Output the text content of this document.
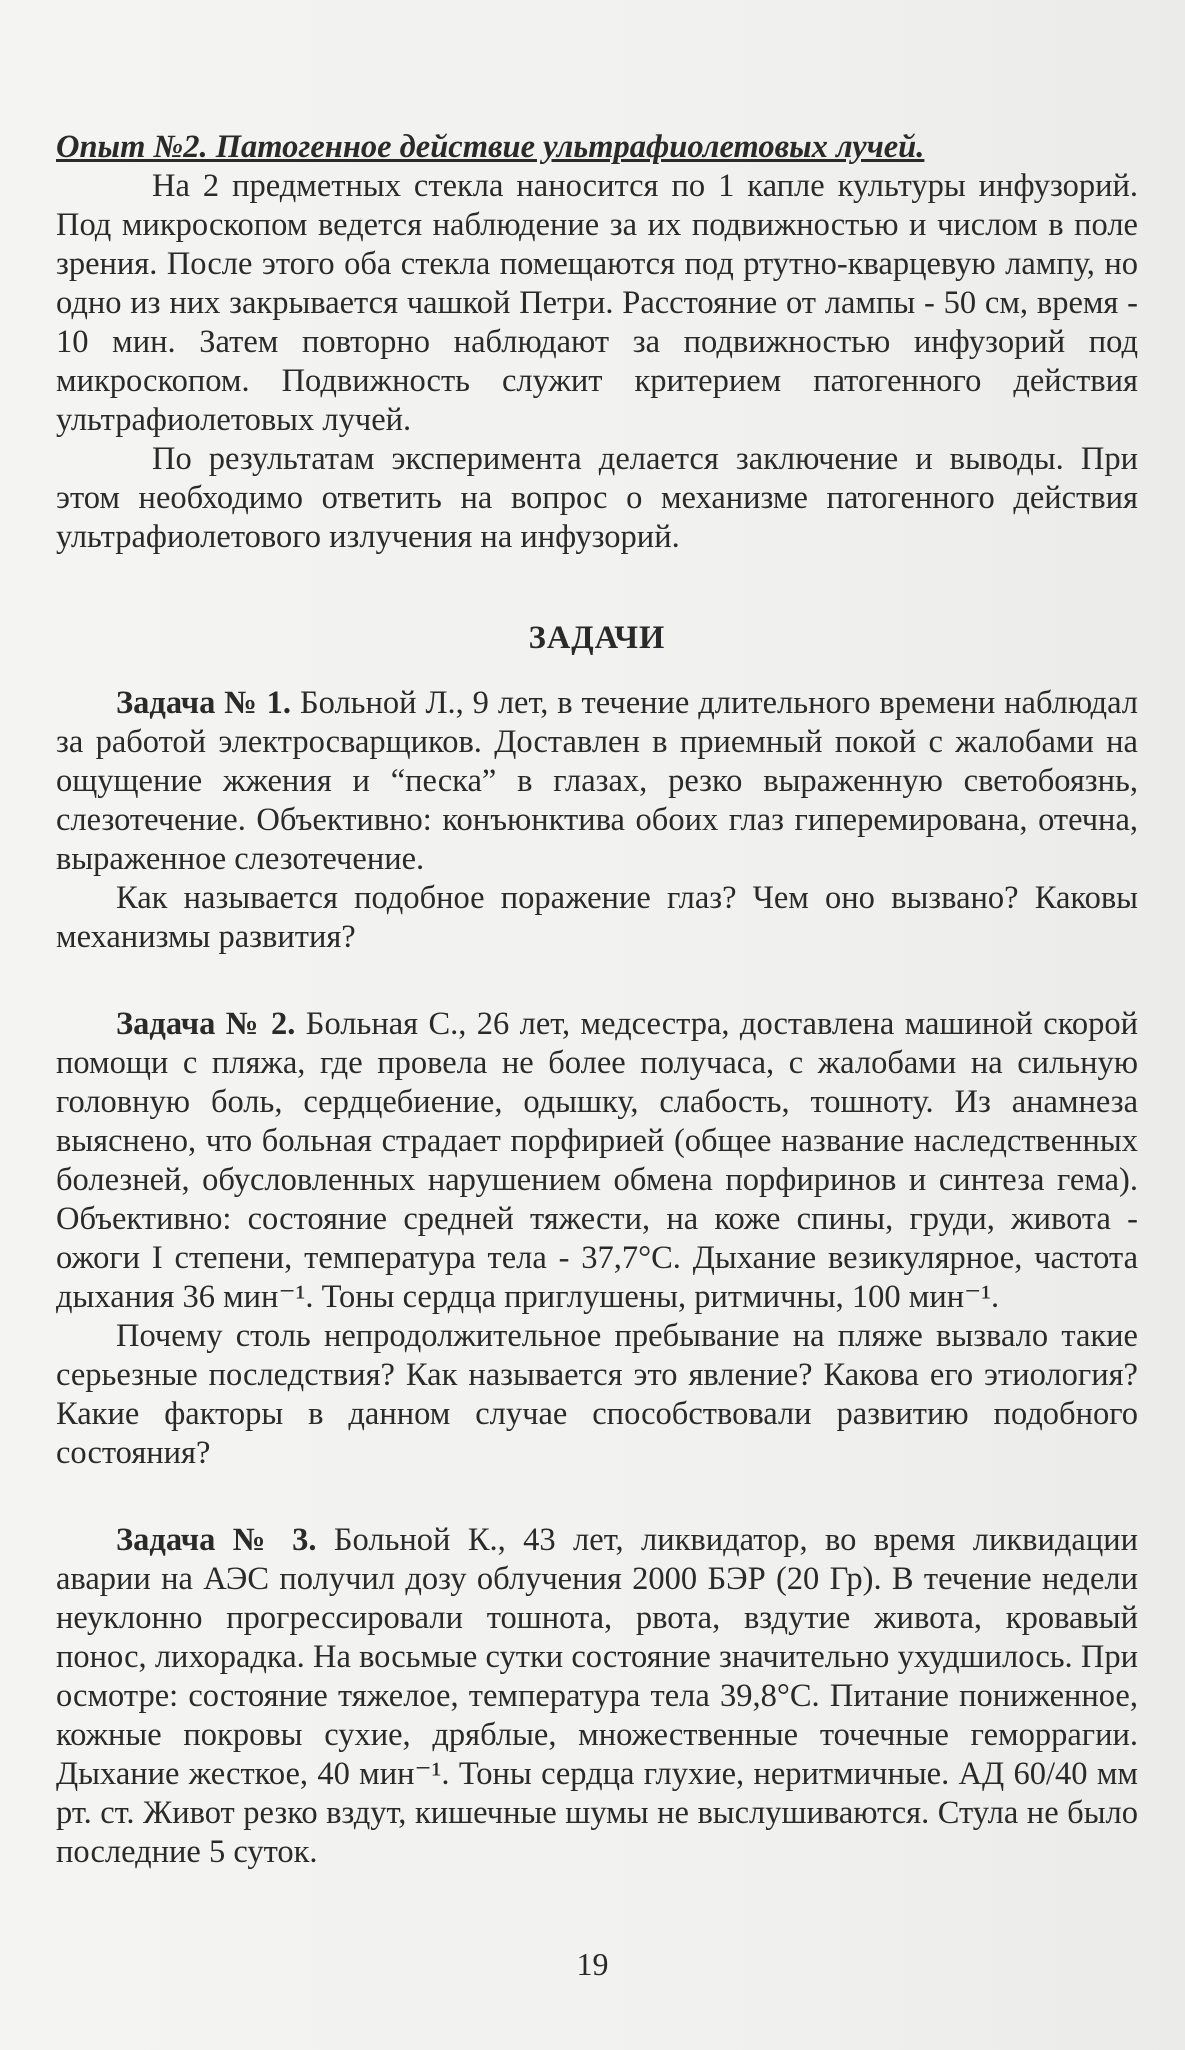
Опыт №2. Патогенное действие ультрафиолетовых лучей.

На 2 предметных стекла наносится по 1 капле культуры инфузорий. Под микроскопом ведется наблюдение за их подвижностью и числом в поле зрения. После этого оба стекла помещаются под ртутно-кварцевую лампу, но одно из них закрывается чашкой Петри. Расстояние от лампы - 50 см, время - 10 мин. Затем повторно наблюдают за подвижностью инфузорий под микроскопом. Подвижность служит критерием патогенного действия ультрафиолетовых лучей.

По результатам эксперимента делается заключение и выводы. При этом необходимо ответить на вопрос о механизме патогенного действия ультрафиолетового излучения на инфузорий.

ЗАДАЧИ

Задача № 1. Больной Л., 9 лет, в течение длительного времени наблюдал за работой электросварщиков. Доставлен в приемный покой с жалобами на ощущение жжения и “песка” в глазах, резко выраженную светобоязнь, слезотечение. Объективно: конъюнктива обоих глаз гиперемирована, отечна, выраженное слезотечение.

Как называется подобное поражение глаз? Чем оно вызвано? Каковы механизмы развития?

Задача № 2. Больная С., 26 лет, медсестра, доставлена машиной скорой помощи с пляжа, где провела не более получаса, с жалобами на сильную головную боль, сердцебиение, одышку, слабость, тошноту. Из анамнеза выяснено, что больная страдает порфирией (общее название наследственных болезней, обусловленных нарушением обмена порфиринов и синтеза гема). Объективно: состояние средней тяжести, на коже спины, груди, живота - ожоги I степени, температура тела - 37,7°С. Дыхание везикулярное, частота дыхания 36 мин⁻¹. Тоны сердца приглушены, ритмичны, 100 мин⁻¹.

Почему столь непродолжительное пребывание на пляже вызвало такие серьезные последствия? Как называется это явление? Какова его этиология? Какие факторы в данном случае способствовали развитию подобного состояния?

Задача № 3. Больной К., 43 лет, ликвидатор, во время ликвидации аварии на АЭС получил дозу облучения 2000 БЭР (20 Гр). В течение недели неуклонно прогрессировали тошнота, рвота, вздутие живота, кровавый понос, лихорадка. На восьмые сутки состояние значительно ухудшилось. При осмотре: состояние тяжелое, температура тела 39,8°С. Питание пониженное, кожные покровы сухие, дряблые, множественные точечные геморрагии. Дыхание жесткое, 40 мин⁻¹. Тоны сердца глухие, неритмичные. АД 60/40 мм рт. ст. Живот резко вздут, кишечные шумы не выслушиваются. Стула не было последние 5 суток.

19
